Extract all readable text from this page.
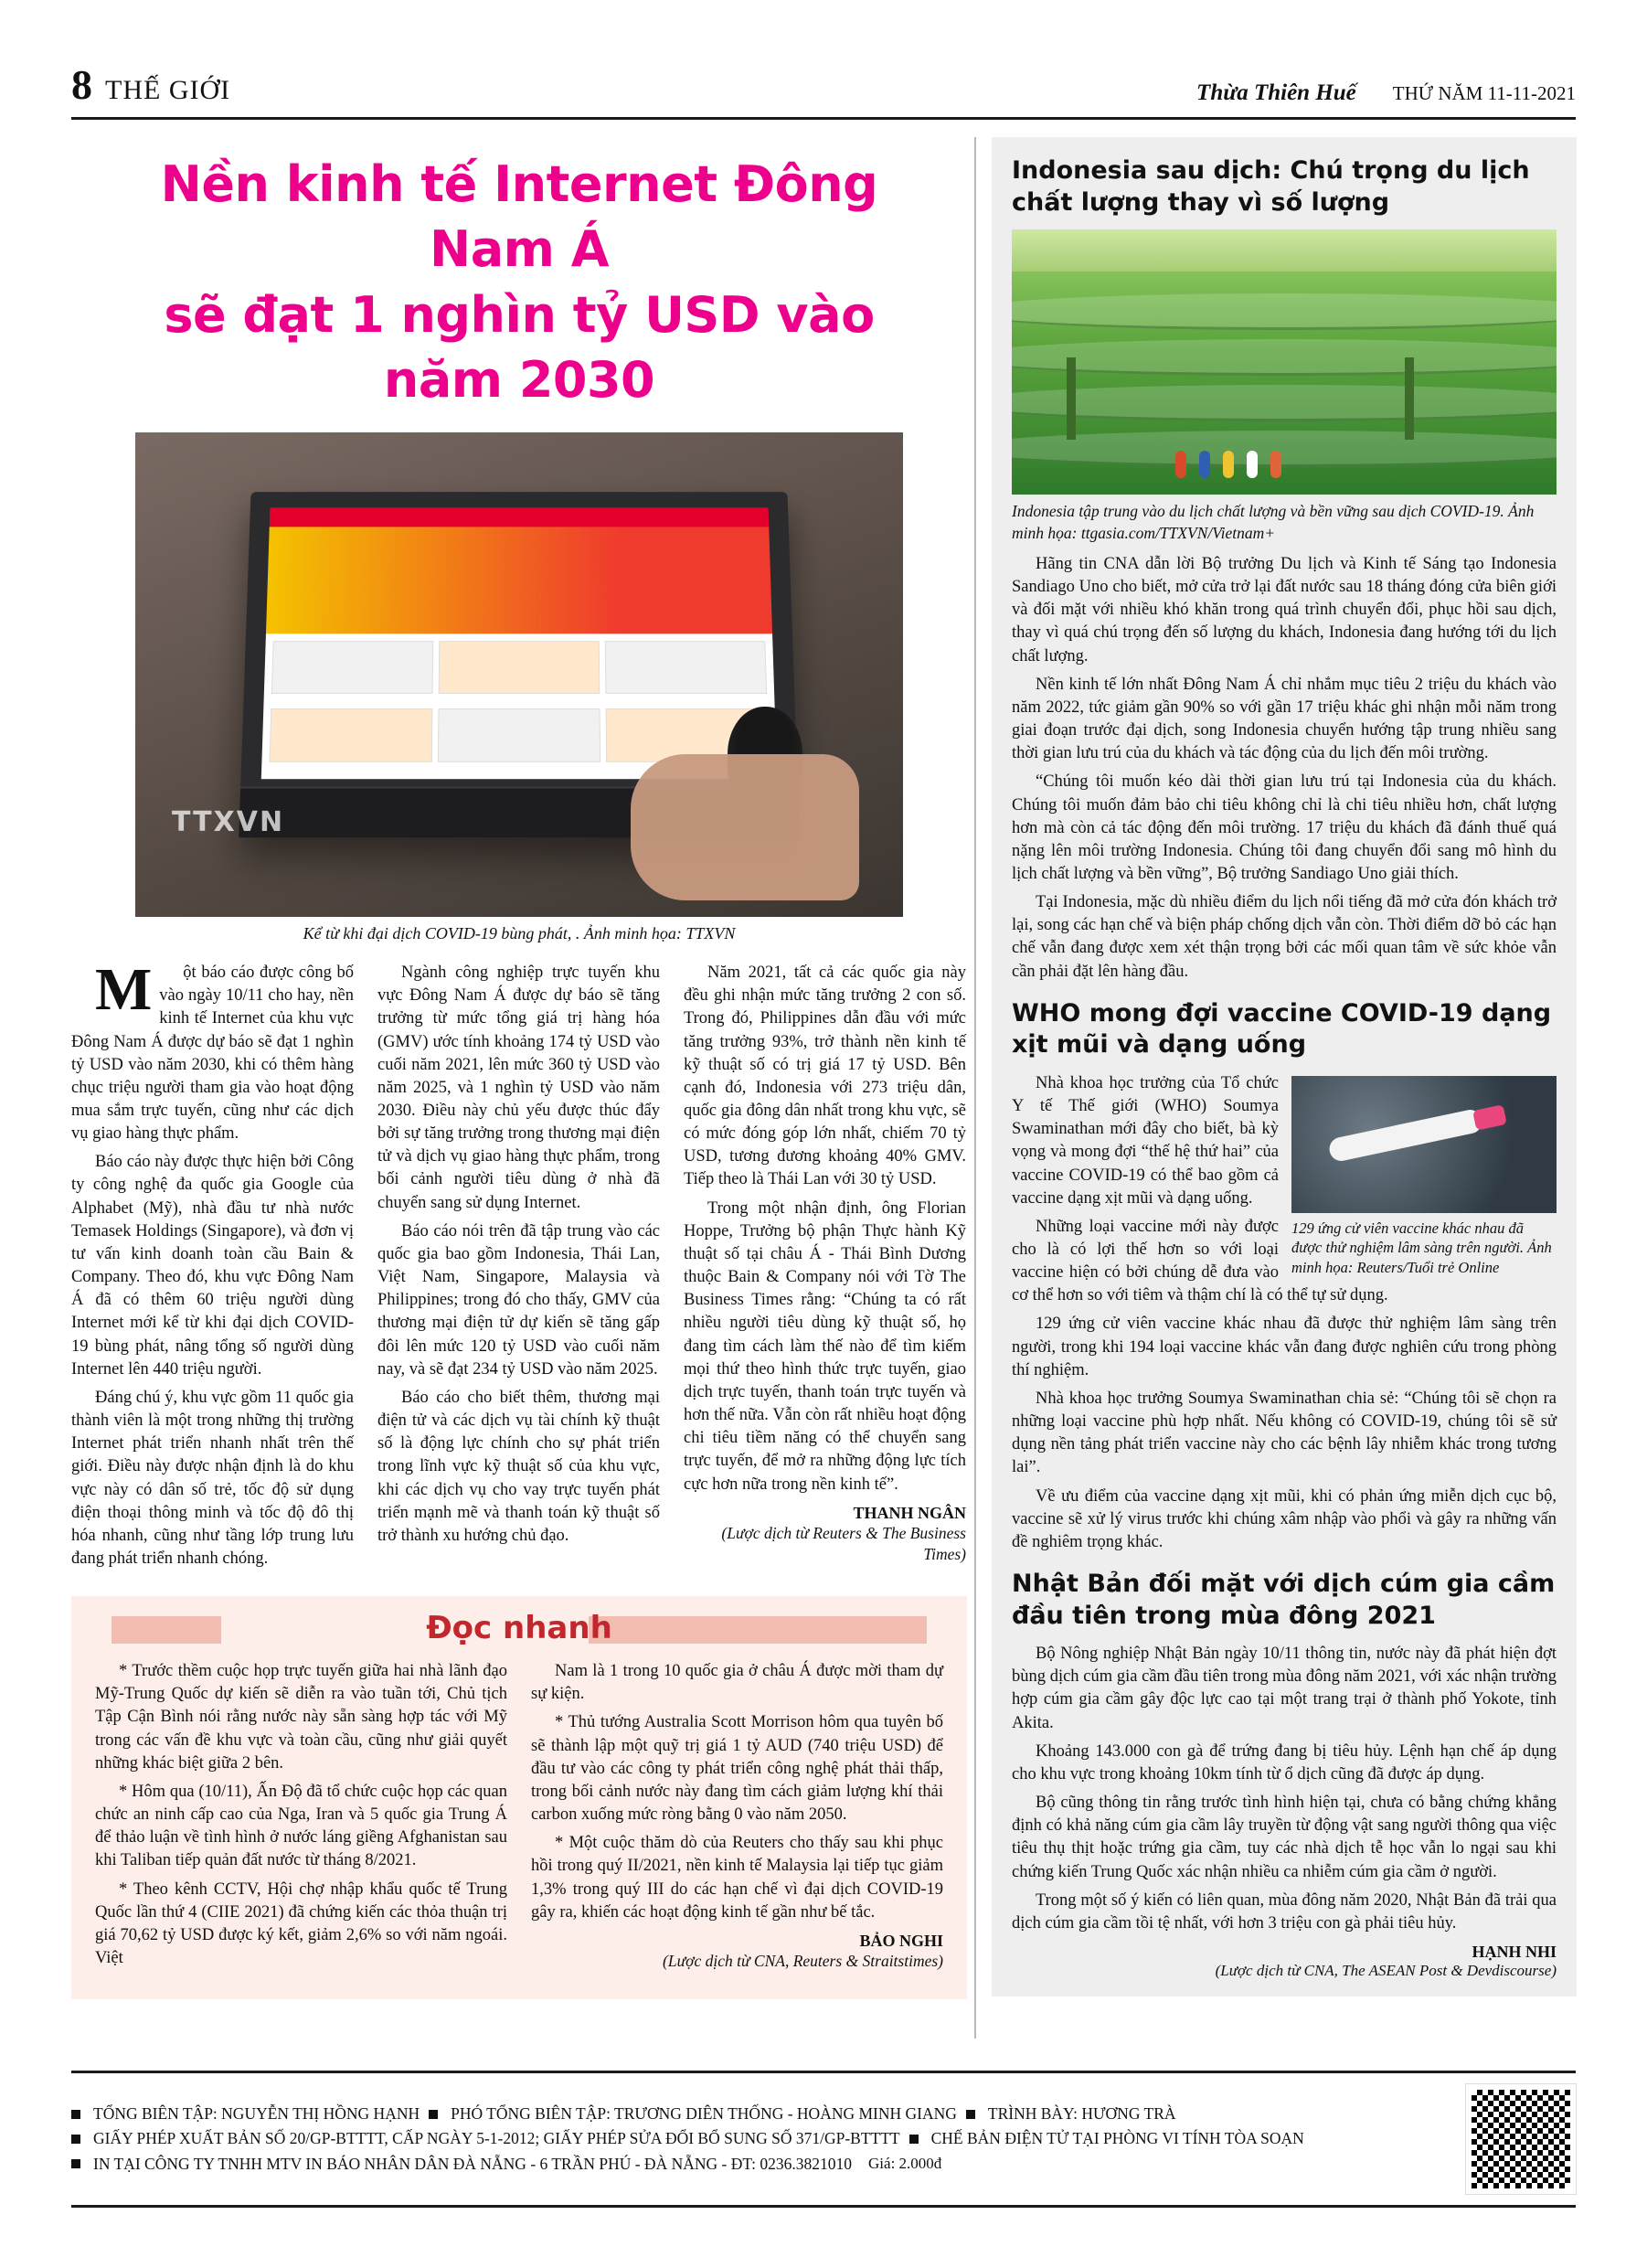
8 THẾ GIỚI	Thừa Thiên Huế THỨ NĂM 11-11-2021
Nền kinh tế Internet Đông Nam Á
sẽ đạt 1 nghìn tỷ USD vào năm 2030
TTXVN
Kể từ khi đại dịch COVID-19 bùng phát, . Ảnh minh họa: TTXVN

Một báo cáo được công bố vào ngày 10/11 cho hay, nền kinh tế Internet của khu vực Đông Nam Á được dự báo sẽ đạt 1 nghìn tỷ USD vào năm 2030, khi có thêm hàng chục triệu người tham gia vào hoạt động mua sắm trực tuyến, cũng như các dịch vụ giao hàng thực phẩm.

Báo cáo này được thực hiện bởi Công ty công nghệ đa quốc gia Google của Alphabet (Mỹ), nhà đầu tư nhà nước Temasek Holdings (Singapore), và đơn vị tư vấn kinh doanh toàn cầu Bain & Company. Theo đó, khu vực Đông Nam Á đã có thêm 60 triệu người dùng Internet mới kể từ khi đại dịch COVID-19 bùng phát, nâng tổng số người dùng Internet lên 440 triệu người.

Đáng chú ý, khu vực gồm 11 quốc gia thành viên là một trong những thị trường Internet phát triển nhanh nhất trên thế giới. Điều này được nhận định là do khu vực này có dân số trẻ, tốc độ sử dụng điện thoại thông minh và tốc độ đô thị hóa nhanh, cũng như tầng lớp trung lưu đang phát triển nhanh chóng.

Ngành công nghiệp trực tuyến khu vực Đông Nam Á được dự báo sẽ tăng trưởng từ mức tổng giá trị hàng hóa (GMV) ước tính khoảng 174 tỷ USD vào cuối năm 2021, lên mức 360 tỷ USD vào năm 2025, và 1 nghìn tỷ USD vào năm 2030. Điều này chủ yếu được thúc đẩy bởi sự tăng trưởng trong thương mại điện tử và dịch vụ giao hàng thực phẩm, trong bối cảnh người tiêu dùng ở nhà đã chuyển sang sử dụng Internet.

Báo cáo nói trên đã tập trung vào các quốc gia bao gồm Indonesia, Thái Lan, Việt Nam, Singapore, Malaysia và Philippines; trong đó cho thấy, GMV của thương mại điện tử dự kiến sẽ tăng gấp đôi lên mức 120 tỷ USD vào cuối năm nay, và sẽ đạt 234 tỷ USD vào năm 2025.

Báo cáo cho biết thêm, thương mại điện tử và các dịch vụ tài chính kỹ thuật số là động lực chính cho sự phát triển trong lĩnh vực kỹ thuật số của khu vực, khi các dịch vụ cho vay trực tuyến phát triển mạnh mẽ và thanh toán kỹ thuật số trở thành xu hướng chủ đạo.

Năm 2021, tất cả các quốc gia này đều ghi nhận mức tăng trưởng 2 con số. Trong đó, Philippines dẫn đầu với mức tăng trưởng 93%, trở thành nền kinh tế kỹ thuật số có trị giá 17 tỷ USD. Bên cạnh đó, Indonesia với 273 triệu dân, quốc gia đông dân nhất trong khu vực, sẽ có mức đóng góp lớn nhất, chiếm 70 tỷ USD, tương đương khoảng 40% GMV. Tiếp theo là Thái Lan với 30 tỷ USD.

Trong một nhận định, ông Florian Hoppe, Trưởng bộ phận Thực hành Kỹ thuật số tại châu Á - Thái Bình Dương thuộc Bain & Company nói với Tờ The Business Times rằng: “Chúng ta có rất nhiều người tiêu dùng kỹ thuật số, họ đang tìm cách làm thế nào để tìm kiếm mọi thứ theo hình thức trực tuyến, giao dịch trực tuyến, thanh toán trực tuyến và hơn thế nữa. Vẫn còn rất nhiều hoạt động chi tiêu tiềm năng có thể chuyển sang trực tuyến, để mở ra những động lực tích cực hơn nữa trong nền kinh tế”.

THANH NGÂN
(Lược dịch từ Reuters & The Business Times)
Đọc nhanh

* Trước thềm cuộc họp trực tuyến giữa hai nhà lãnh đạo Mỹ-Trung Quốc dự kiến sẽ diễn ra vào tuần tới, Chủ tịch Tập Cận Bình nói rằng nước này sẵn sàng hợp tác với Mỹ trong các vấn đề khu vực và toàn cầu, cũng như giải quyết những khác biệt giữa 2 bên.

* Hôm qua (10/11), Ấn Độ đã tổ chức cuộc họp các quan chức an ninh cấp cao của Nga, Iran và 5 quốc gia Trung Á để thảo luận về tình hình ở nước láng giềng Afghanistan sau khi Taliban tiếp quản đất nước từ tháng 8/2021.

* Theo kênh CCTV, Hội chợ nhập khẩu quốc tế Trung Quốc lần thứ 4 (CIIE 2021) đã chứng kiến các thỏa thuận trị giá 70,62 tỷ USD được ký kết, giảm 2,6% so với năm ngoái. Việt

Nam là 1 trong 10 quốc gia ở châu Á được mời tham dự sự kiện.

* Thủ tướng Australia Scott Morrison hôm qua tuyên bố sẽ thành lập một quỹ trị giá 1 tỷ AUD (740 triệu USD) để đầu tư vào các công ty phát triển công nghệ phát thải thấp, trong bối cảnh nước này đang tìm cách giảm lượng khí thải carbon xuống mức ròng bằng 0 vào năm 2050.

* Một cuộc thăm dò của Reuters cho thấy sau khi phục hồi trong quý II/2021, nền kinh tế Malaysia lại tiếp tục giảm 1,3% trong quý III do các hạn chế vì đại dịch COVID-19 gây ra, khiến các hoạt động kinh tế gần như bế tắc.

BẢO NGHI
(Lược dịch từ CNA, Reuters & Straitstimes)
Indonesia sau dịch: Chú trọng du lịch chất lượng thay vì số lượng
Indonesia tập trung vào du lịch chất lượng và bền vững sau dịch COVID-19. Ảnh minh họa: ttgasia.com/TTXVN/Vietnam+

Hãng tin CNA dẫn lời Bộ trưởng Du lịch và Kinh tế Sáng tạo Indonesia Sandiago Uno cho biết, mở cửa trở lại đất nước sau 18 tháng đóng cửa biên giới và đối mặt với nhiều khó khăn trong quá trình chuyển đổi, phục hồi sau dịch, thay vì quá chú trọng đến số lượng du khách, Indonesia đang hướng tới du lịch chất lượng.

Nền kinh tế lớn nhất Đông Nam Á chỉ nhắm mục tiêu 2 triệu du khách vào năm 2022, tức giảm gần 90% so với gần 17 triệu khác ghi nhận mỗi năm trong giai đoạn trước đại dịch, song Indonesia chuyển hướng tập trung nhiều sang thời gian lưu trú của du khách và tác động của du lịch đến môi trường.

“Chúng tôi muốn kéo dài thời gian lưu trú tại Indonesia của du khách. Chúng tôi muốn đảm bảo chi tiêu không chỉ là chi tiêu nhiều hơn, chất lượng hơn mà còn cả tác động đến môi trường. 17 triệu du khách đã đánh thuế quá nặng lên môi trường Indonesia. Chúng tôi đang chuyển đổi sang mô hình du lịch chất lượng và bền vững”, Bộ trưởng Sandiago Uno giải thích.

Tại Indonesia, mặc dù nhiều điểm du lịch nổi tiếng đã mở cửa đón khách trở lại, song các hạn chế và biện pháp chống dịch vẫn còn. Thời điểm dỡ bỏ các hạn chế vẫn đang được xem xét thận trọng bởi các mối quan tâm về sức khỏe vẫn cần phải đặt lên hàng đầu.

WHO mong đợi vaccine COVID-19 dạng xịt mũi và dạng uống
129 ứng cử viên vaccine khác nhau đã được thử nghiệm lâm sàng trên người. Ảnh minh họa: Reuters/Tuổi trẻ Online

Nhà khoa học trưởng của Tổ chức Y tế Thế giới (WHO) Soumya Swaminathan mới đây cho biết, bà kỳ vọng và mong đợi “thế hệ thứ hai” của vaccine COVID-19 có thể bao gồm cả vaccine dạng xịt mũi và dạng uống.

Những loại vaccine mới này được cho là có lợi thế hơn so với loại vaccine hiện có bởi chúng dễ đưa vào cơ thể hơn so với tiêm và thậm chí là có thể tự sử dụng.

129 ứng cử viên vaccine khác nhau đã được thử nghiệm lâm sàng trên người, trong khi 194 loại vaccine khác vẫn đang được nghiên cứu trong phòng thí nghiệm.

Nhà khoa học trưởng Soumya Swaminathan chia sẻ: “Chúng tôi sẽ chọn ra những loại vaccine phù hợp nhất. Nếu không có COVID-19, chúng tôi sẽ sử dụng nền tảng phát triển vaccine này cho các bệnh lây nhiễm khác trong tương lai”.

Về ưu điểm của vaccine dạng xịt mũi, khi có phản ứng miễn dịch cục bộ, vaccine sẽ xử lý virus trước khi chúng xâm nhập vào phổi và gây ra những vấn đề nghiêm trọng khác.

Nhật Bản đối mặt với dịch cúm gia cầm đầu tiên trong mùa đông 2021

Bộ Nông nghiệp Nhật Bản ngày 10/11 thông tin, nước này đã phát hiện đợt bùng dịch cúm gia cầm đầu tiên trong mùa đông năm 2021, với xác nhận trường hợp cúm gia cầm gây độc lực cao tại một trang trại ở thành phố Yokote, tỉnh Akita.

Khoảng 143.000 con gà để trứng đang bị tiêu hủy. Lệnh hạn chế áp dụng cho khu vực trong khoảng 10km tính từ ổ dịch cũng đã được áp dụng.

Bộ cũng thông tin rằng trước tình hình hiện tại, chưa có bằng chứng khẳng định có khả năng cúm gia cầm lây truyền từ động vật sang người thông qua việc tiêu thụ thịt hoặc trứng gia cầm, tuy các nhà dịch tễ học vẫn lo ngại sau khi chứng kiến Trung Quốc xác nhận nhiều ca nhiễm cúm gia cầm ở người.

Trong một số ý kiến có liên quan, mùa đông năm 2020, Nhật Bản đã trải qua dịch cúm gia cầm tồi tệ nhất, với hơn 3 triệu con gà phải tiêu hủy.

HẠNH NHI
(Lược dịch từ CNA, The ASEAN Post & Devdiscourse)
TỔNG BIÊN TẬP: NGUYỄN THỊ HỒNG HẠNH PHÓ TỔNG BIÊN TẬP: TRƯƠNG DIÊN THỐNG - HOÀNG MINH GIANG TRÌNH BÀY: HƯƠNG TRÀ
GIẤY PHÉP XUẤT BẢN SỐ 20/GP-BTTTT, CẤP NGÀY 5-1-2012; GIẤY PHÉP SỬA ĐỔI BỔ SUNG SỐ 371/GP-BTTTT CHẾ BẢN ĐIỆN TỬ TẠI PHÒNG VI TÍNH TÒA SOẠN
IN TẠI CÔNG TY TNHH MTV IN BÁO NHÂN DÂN ĐÀ NẴNG - 6 TRẦN PHÚ - ĐÀ NẴNG - ĐT: 0236.3821010 Giá: 2.000đ
